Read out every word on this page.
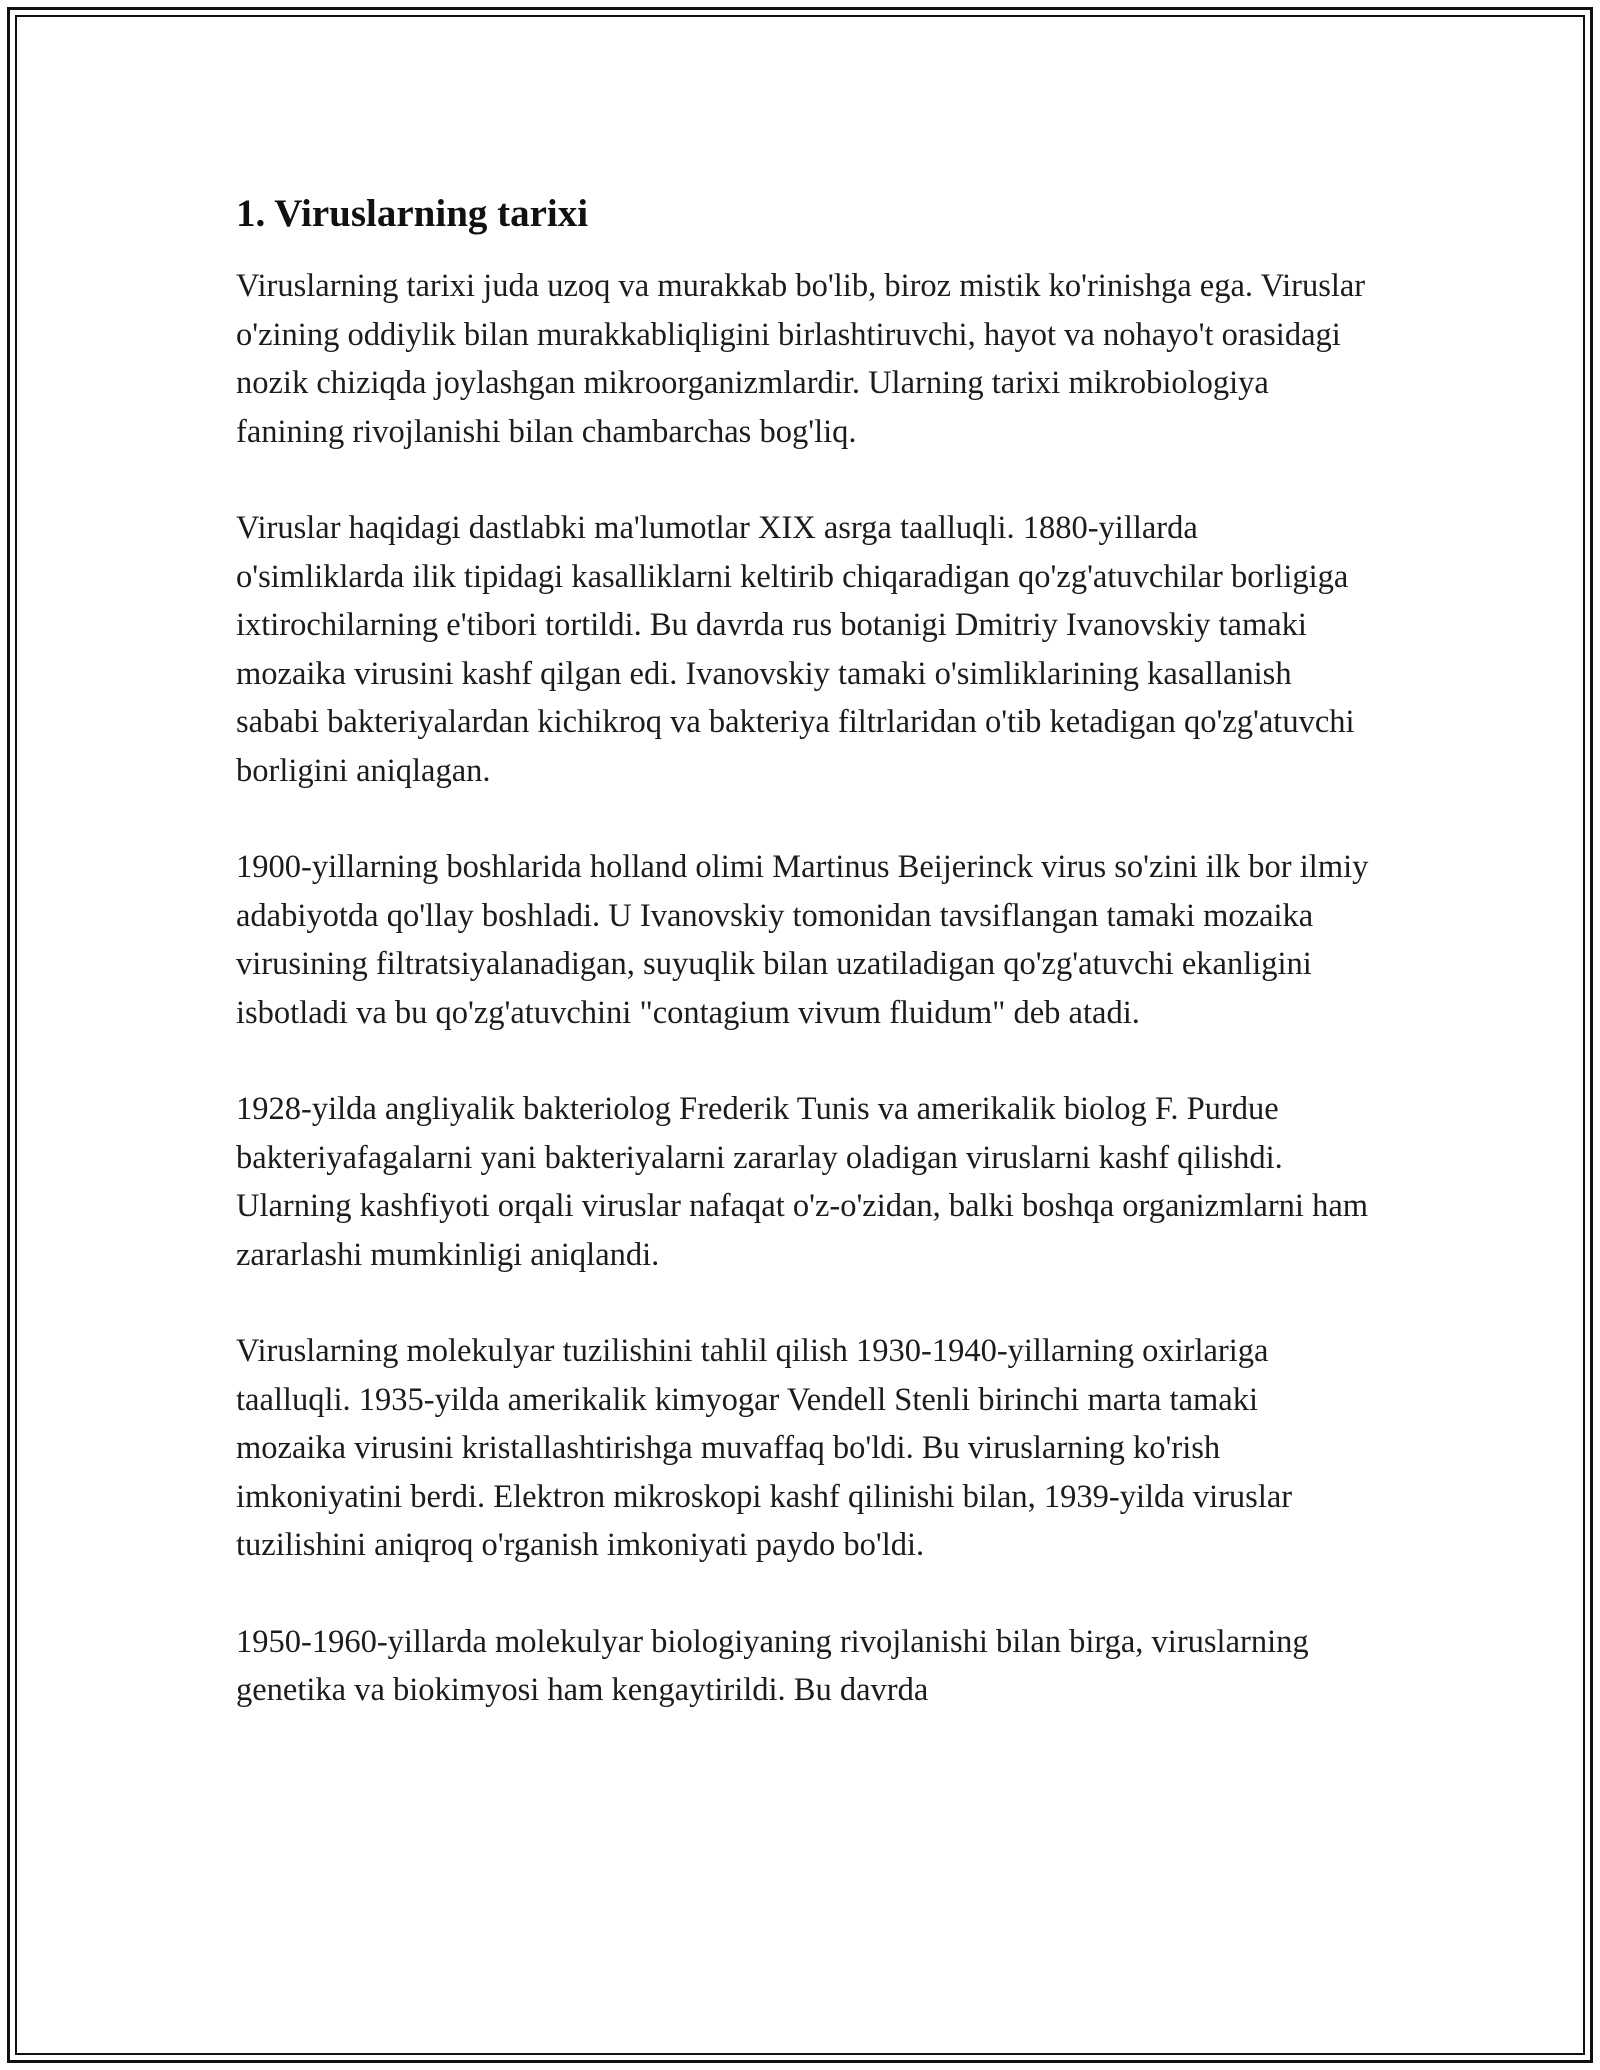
1. Viruslarning tarixi

Viruslarning tarixi juda uzoq va murakkab bo'lib, biroz mistik ko'rinishga ega. Viruslar o'zining oddiylik bilan murakkabliqligini birlashtiruvchi, hayot va nohayo't orasidagi nozik chiziqda joylashgan mikroorganizmlardir. Ularning tarixi mikrobiologiya fanining rivojlanishi bilan chambarchas bog'liq.

Viruslar haqidagi dastlabki ma'lumotlar XIX asrga taalluqli. 1880-yillarda o'simliklarda ilik tipidagi kasalliklarni keltirib chiqaradigan qo'zg'atuvchilar borligiga ixtirochilarning e'tibori tortildi. Bu davrda rus botanigi Dmitriy Ivanovskiy tamaki mozaika virusini kashf qilgan edi. Ivanovskiy tamaki o'simliklarining kasallanish sababi bakteriyalardan kichikroq va bakteriya filtrlaridan o'tib ketadigan qo'zg'atuvchi borligini aniqlagan.

1900-yillarning boshlarida holland olimi Martinus Beijerinck virus so'zini ilk bor ilmiy adabiyotda qo'llay boshladi. U Ivanovskiy tomonidan tavsiflangan tamaki mozaika virusining filtratsiyalanadigan, suyuqlik bilan uzatiladigan qo'zg'atuvchi ekanligini isbotladi va bu qo'zg'atuvchini "contagium vivum fluidum" deb atadi.

1928-yilda angliyalik bakteriolog Frederik Tunis va amerikalik biolog F. Purdue bakteriyafagalarni yani bakteriyalarni zararlay oladigan viruslarni kashf qilishdi. Ularning kashfiyoti orqali viruslar nafaqat o'z-o'zidan, balki boshqa organizmlarni ham zararlashi mumkinligi aniqlandi.

Viruslarning molekulyar tuzilishini tahlil qilish 1930-1940-yillarning oxirlariga taalluqli. 1935-yilda amerikalik kimyogar Vendell Stenli birinchi marta tamaki mozaika virusini kristallashtirishga muvaffaq bo'ldi. Bu viruslarning ko'rish imkoniyatini berdi. Elektron mikroskopi kashf qilinishi bilan, 1939-yilda viruslar tuzilishini aniqroq o'rganish imkoniyati paydo bo'ldi.

1950-1960-yillarda molekulyar biologiyaning rivojlanishi bilan birga, viruslarning genetika va biokimyosi ham kengaytirildi. Bu davrda
